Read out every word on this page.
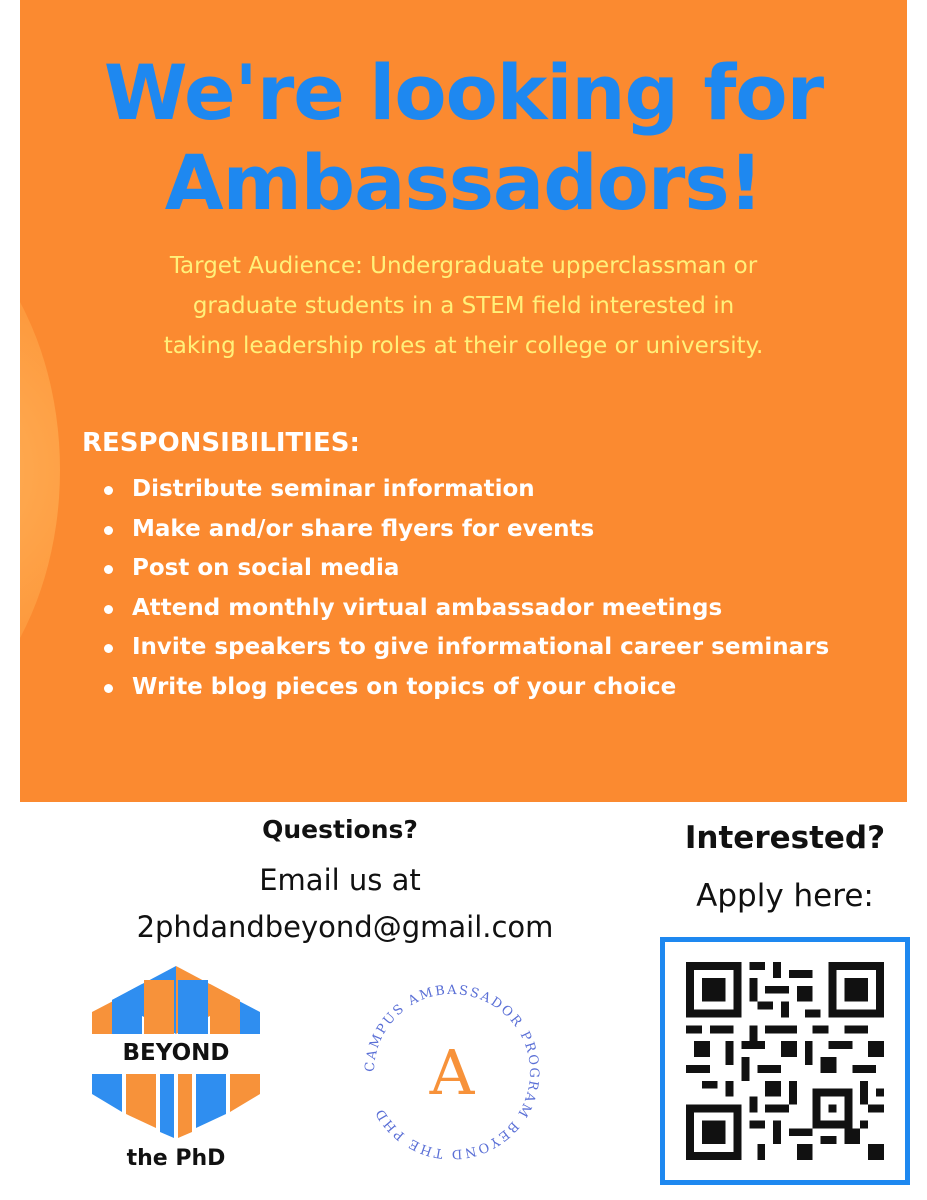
We're looking for
Ambassadors!

Target Audience: Undergraduate upperclassman or
graduate students in a STEM field interested in
taking leadership roles at their college or university.

RESPONSIBILITIES:
Distribute seminar information
Make and/or share flyers for events
Post on social media
Attend monthly virtual ambassador meetings
Invite speakers to give informational career seminars
Write blog pieces on topics of your choice
Questions?
Email us at
2phdandbeyond@gmail.com
Interested?
Apply here:
BEYOND
the PhD
CAMPUS AMBASSADOR PROGRAM BEYOND THE PHD
A
